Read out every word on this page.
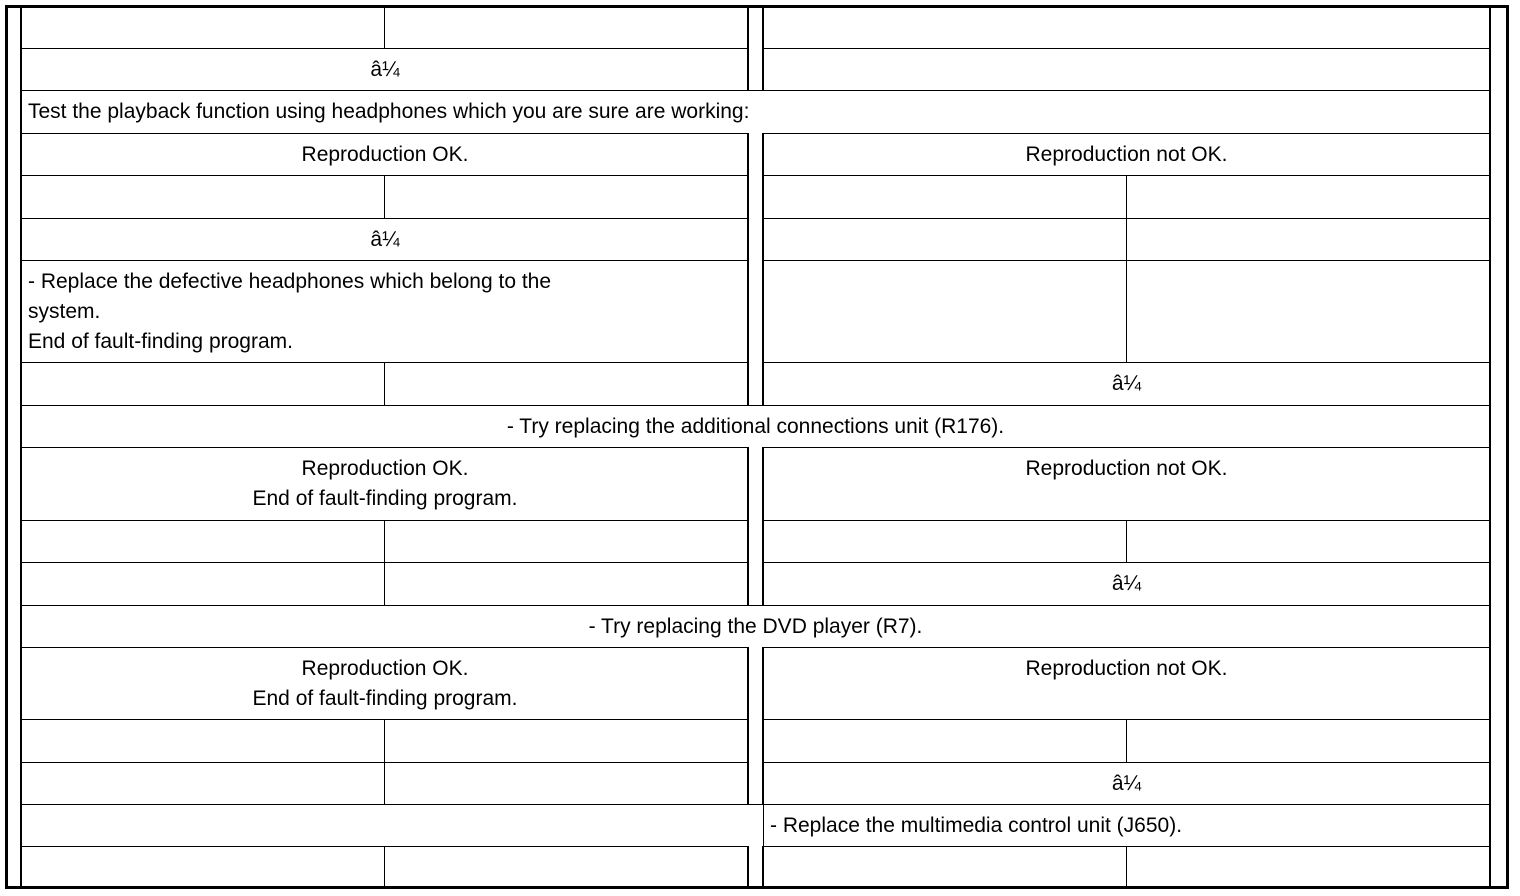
â¼
Test the playback function using headphones which you are sure are working:
Reproduction OK.	Reproduction not OK.
â¼
- Replace the defective headphones which belong to the
system.
End of fault-finding program.
â¼
- Try replacing the additional connections unit (R176).
Reproduction OK.
End of fault-finding program.
Reproduction not OK.
â¼
- Try replacing the DVD player (R7).
Reproduction OK.
End of fault-finding program.
Reproduction not OK.
â¼
- Replace the multimedia control unit (J650).
